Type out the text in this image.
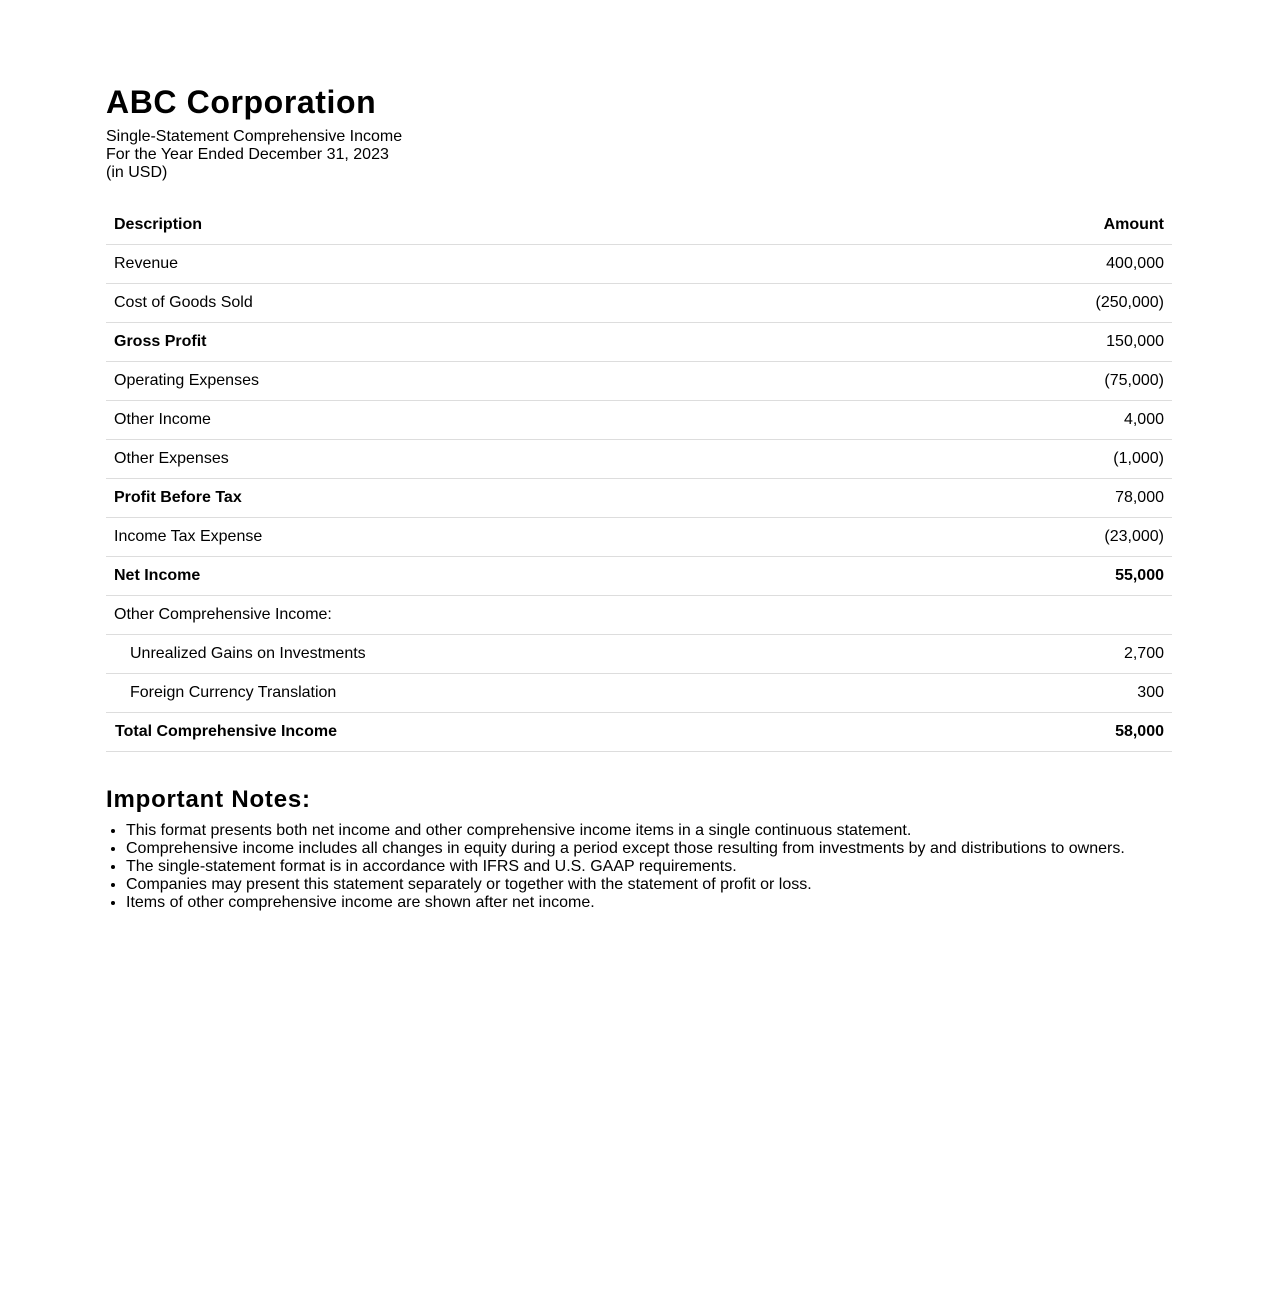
ABC Corporation
Single-Statement Comprehensive Income
For the Year Ended December 31, 2023
(in USD)
Description	Amount
Revenue	400,000
Cost of Goods Sold	(250,000)
Gross Profit	150,000
Operating Expenses	(75,000)
Other Income	4,000
Other Expenses	(1,000)
Profit Before Tax	78,000
Income Tax Expense	(23,000)
Net Income	55,000
Other Comprehensive Income:	
Unrealized Gains on Investments	2,700
Foreign Currency Translation	300
Total Comprehensive Income	58,000
Important Notes:
• This format presents both net income and other comprehensive income items in a single continuous statement.
• Comprehensive income includes all changes in equity during a period except those resulting from investments by and distributions to owners.
• The single-statement format is in accordance with IFRS and U.S. GAAP requirements.
• Companies may present this statement separately or together with the statement of profit or loss.
• Items of other comprehensive income are shown after net income.
